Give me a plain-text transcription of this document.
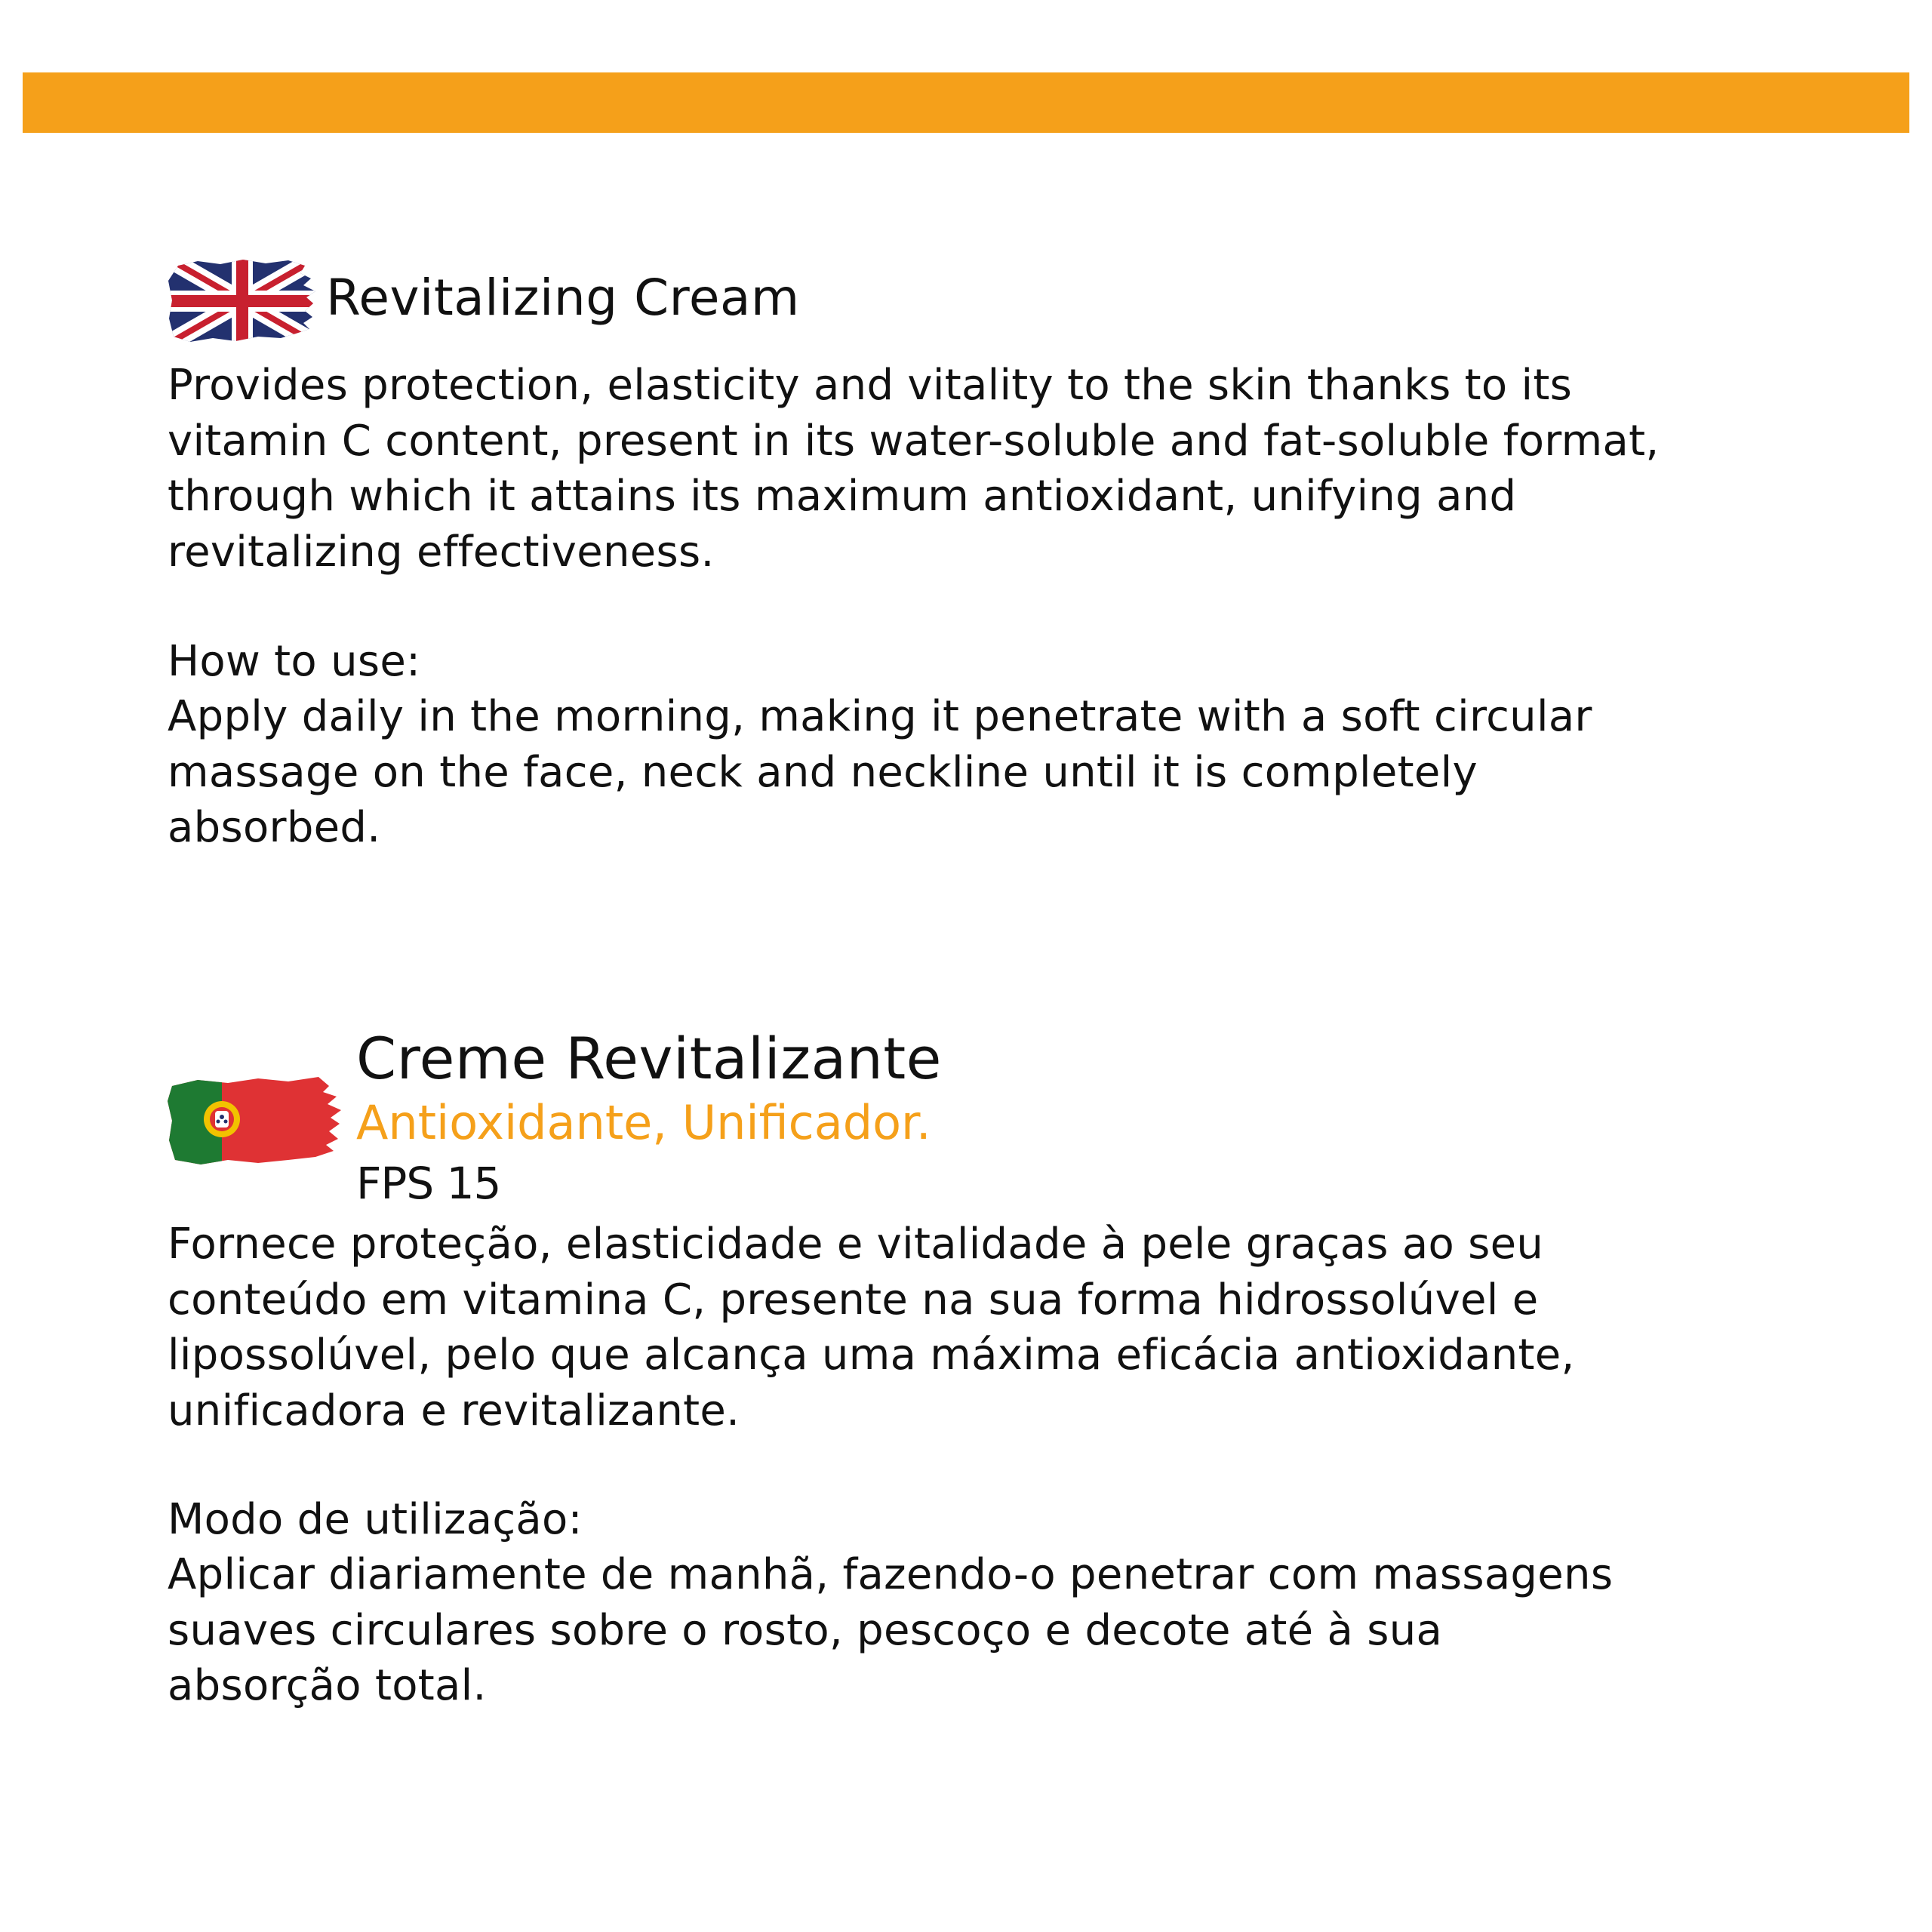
Revitalizing Cream

Provides protection, elasticity and vitality to the skin thanks to its
vitamin C content, present in its water-soluble and fat-soluble format,
through which it attains its maximum antioxidant, unifying and
revitalizing effectiveness.

How to use:

Apply daily in the morning, making it penetrate with a soft circular
massage on the face, neck and neckline until it is completely
absorbed.

Creme Revitalizante
Antioxidante, Unificador.
FPS 15

Fornece proteção, elasticidade e vitalidade à pele graças ao seu
conteúdo em vitamina C, presente na sua forma hidrossolúvel e
lipossolúvel, pelo que alcança uma máxima eficácia antioxidante,
unificadora e revitalizante.

Modo de utilização:

Aplicar diariamente de manhã, fazendo-o penetrar com massagens
suaves circulares sobre o rosto, pescoço e decote até à sua
absorção total.
